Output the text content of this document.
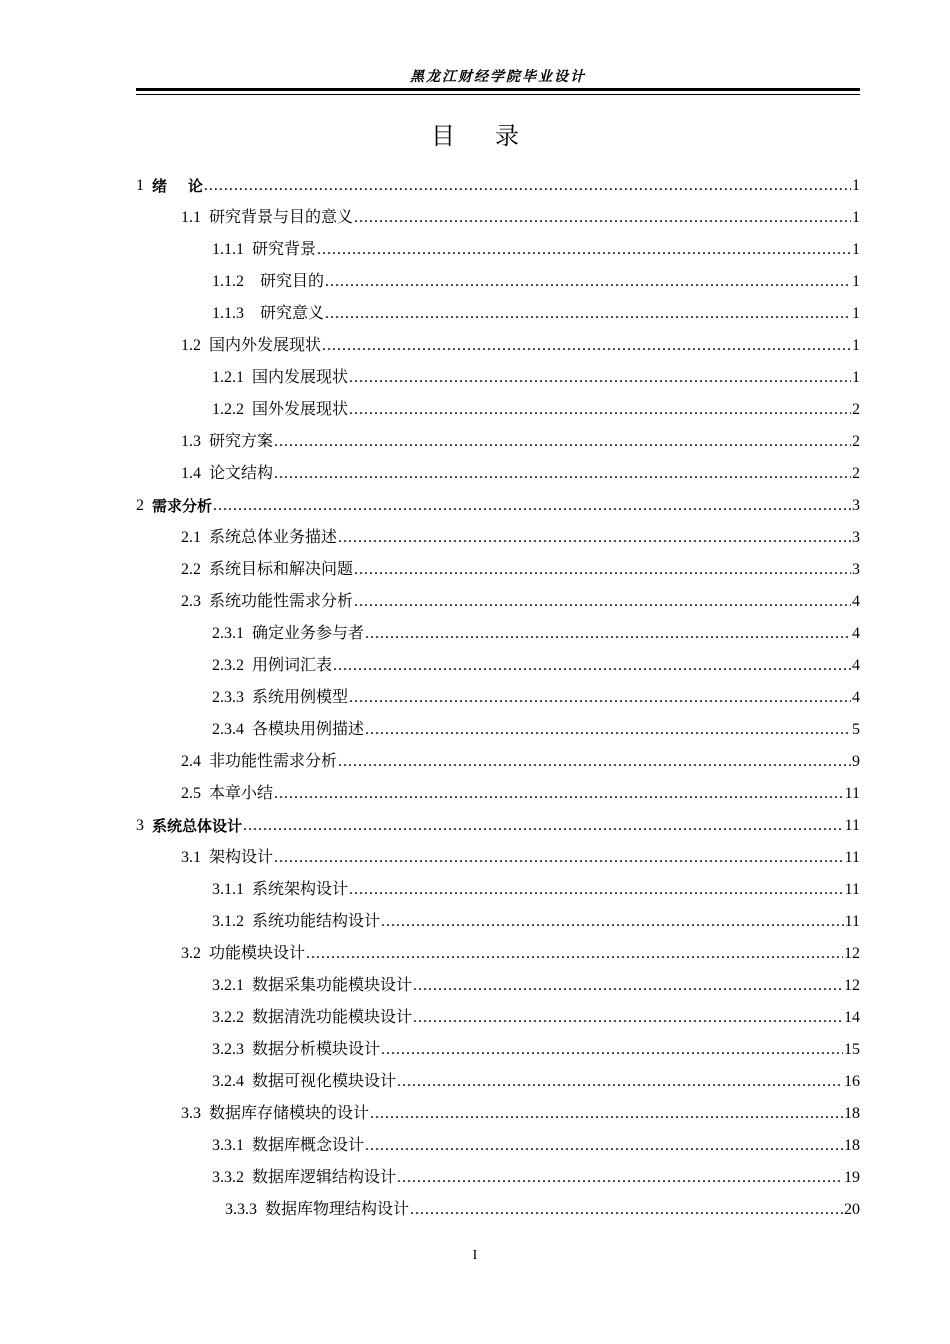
黑龙江财经学院毕业设计
目录
1 绪    论 .....	1
1.1 研究背景与目的意义 .....	1
1.1.1 研究背景 .....	1
1.1.2 研究目的 .....	1
1.1.3 研究意义 .....	1
1.2 国内外发展现状 .....	1
1.2.1 国内发展现状 .....	1
1.2.2 国外发展现状 .....	2
1.3 研究方案 .....	2
1.4 论文结构 .....	2
2 需求分析 .....	3
2.1 系统总体业务描述 .....	3
2.2 系统目标和解决问题 .....	3
2.3 系统功能性需求分析 .....	4
2.3.1 确定业务参与者 .....	4
2.3.2 用例词汇表 .....	4
2.3.3 系统用例模型 .....	4
2.3.4 各模块用例描述 .....	5
2.4 非功能性需求分析 .....	9
2.5 本章小结 .....	11
3 系统总体设计 .....	11
3.1 架构设计 .....	11
3.1.1 系统架构设计 .....	11
3.1.2 系统功能结构设计 .....	11
3.2 功能模块设计 .....	12
3.2.1 数据采集功能模块设计 .....	12
3.2.2 数据清洗功能模块设计 .....	14
3.2.3 数据分析模块设计 .....	15
3.2.4 数据可视化模块设计 .....	16
3.3 数据库存储模块的设计 .....	18
3.3.1 数据库概念设计 .....	18
3.3.2 数据库逻辑结构设计 .....	19
3.3.3 数据库物理结构设计 .....	20
I
